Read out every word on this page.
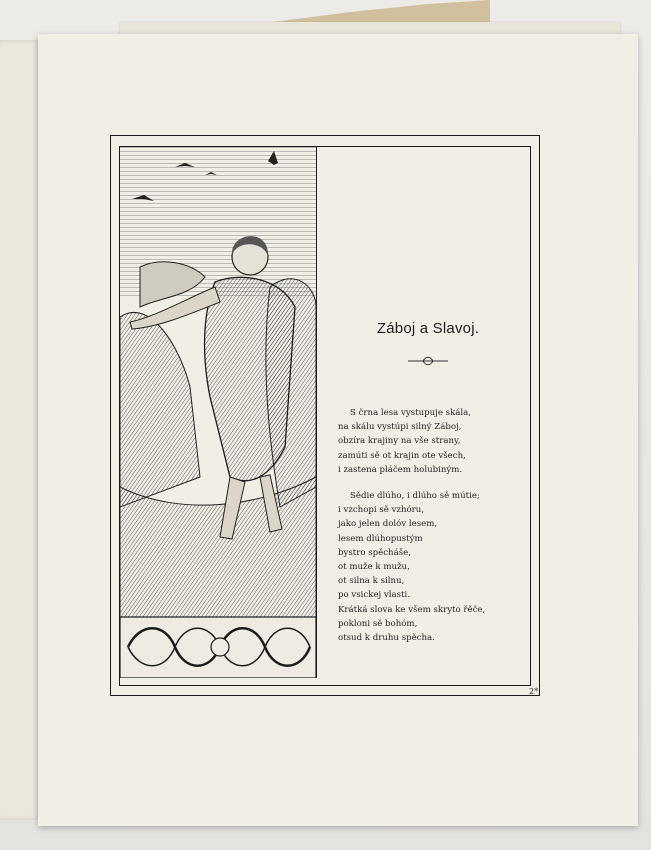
Záboj a Slavoj.
S črna lesa vystupuje skála,
na skálu vystúpi silný Záboj,
obzíra krajiny na vše strany,
zamúti sě ot krajin ote všech,
i zastena pláčem holubiným.
Sědie dlúho, i dlúho sě mútie;
i vzchopi sě vzhóru,
jako jelen dolóv lesem,
lesem dlúhopustým
bystro spěcháše,
ot muže k mužu,
ot silna k silnu,
po vsickej vlasti.
Krátká slova ke všem skryto řěče,
pokloni sě bohóm,
otsud k druhu spěcha.
2*
